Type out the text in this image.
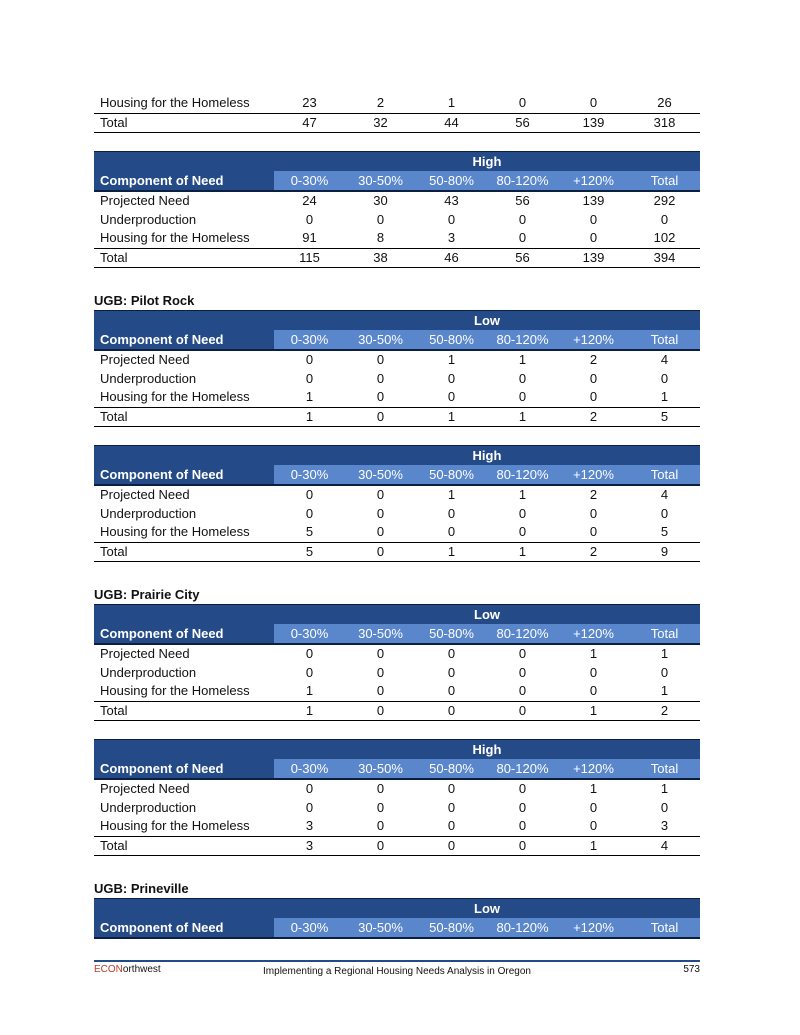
Housing for the Homeless	23	2	1	0	0	26
Total	47	32	44	56	139	318
	High					
Component of Need	0-30%	30-50%	50-80%	80-120%	+120%	Total
Projected Need	24	30	43	56	139	292
Underproduction	0	0	0	0	0	0
Housing for the Homeless	91	8	3	0	0	102
Total	115	38	46	56	139	394
UGB: Pilot Rock
	Low					
Component of Need	0-30%	30-50%	50-80%	80-120%	+120%	Total
Projected Need	0	0	1	1	2	4
Underproduction	0	0	0	0	0	0
Housing for the Homeless	1	0	0	0	0	1
Total	1	0	1	1	2	5
	High					
Component of Need	0-30%	30-50%	50-80%	80-120%	+120%	Total
Projected Need	0	0	1	1	2	4
Underproduction	0	0	0	0	0	0
Housing for the Homeless	5	0	0	0	0	5
Total	5	0	1	1	2	9
UGB: Prairie City
	Low					
Component of Need	0-30%	30-50%	50-80%	80-120%	+120%	Total
Projected Need	0	0	0	0	1	1
Underproduction	0	0	0	0	0	0
Housing for the Homeless	1	0	0	0	0	1
Total	1	0	0	0	1	2
	High					
Component of Need	0-30%	30-50%	50-80%	80-120%	+120%	Total
Projected Need	0	0	0	0	1	1
Underproduction	0	0	0	0	0	0
Housing for the Homeless	3	0	0	0	0	3
Total	3	0	0	0	1	4
UGB: Prineville
	Low					
Component of Need	0-30%	30-50%	50-80%	80-120%	+120%	Total
ECONorthwest	Implementing a Regional Housing Needs Analysis in Oregon	573
